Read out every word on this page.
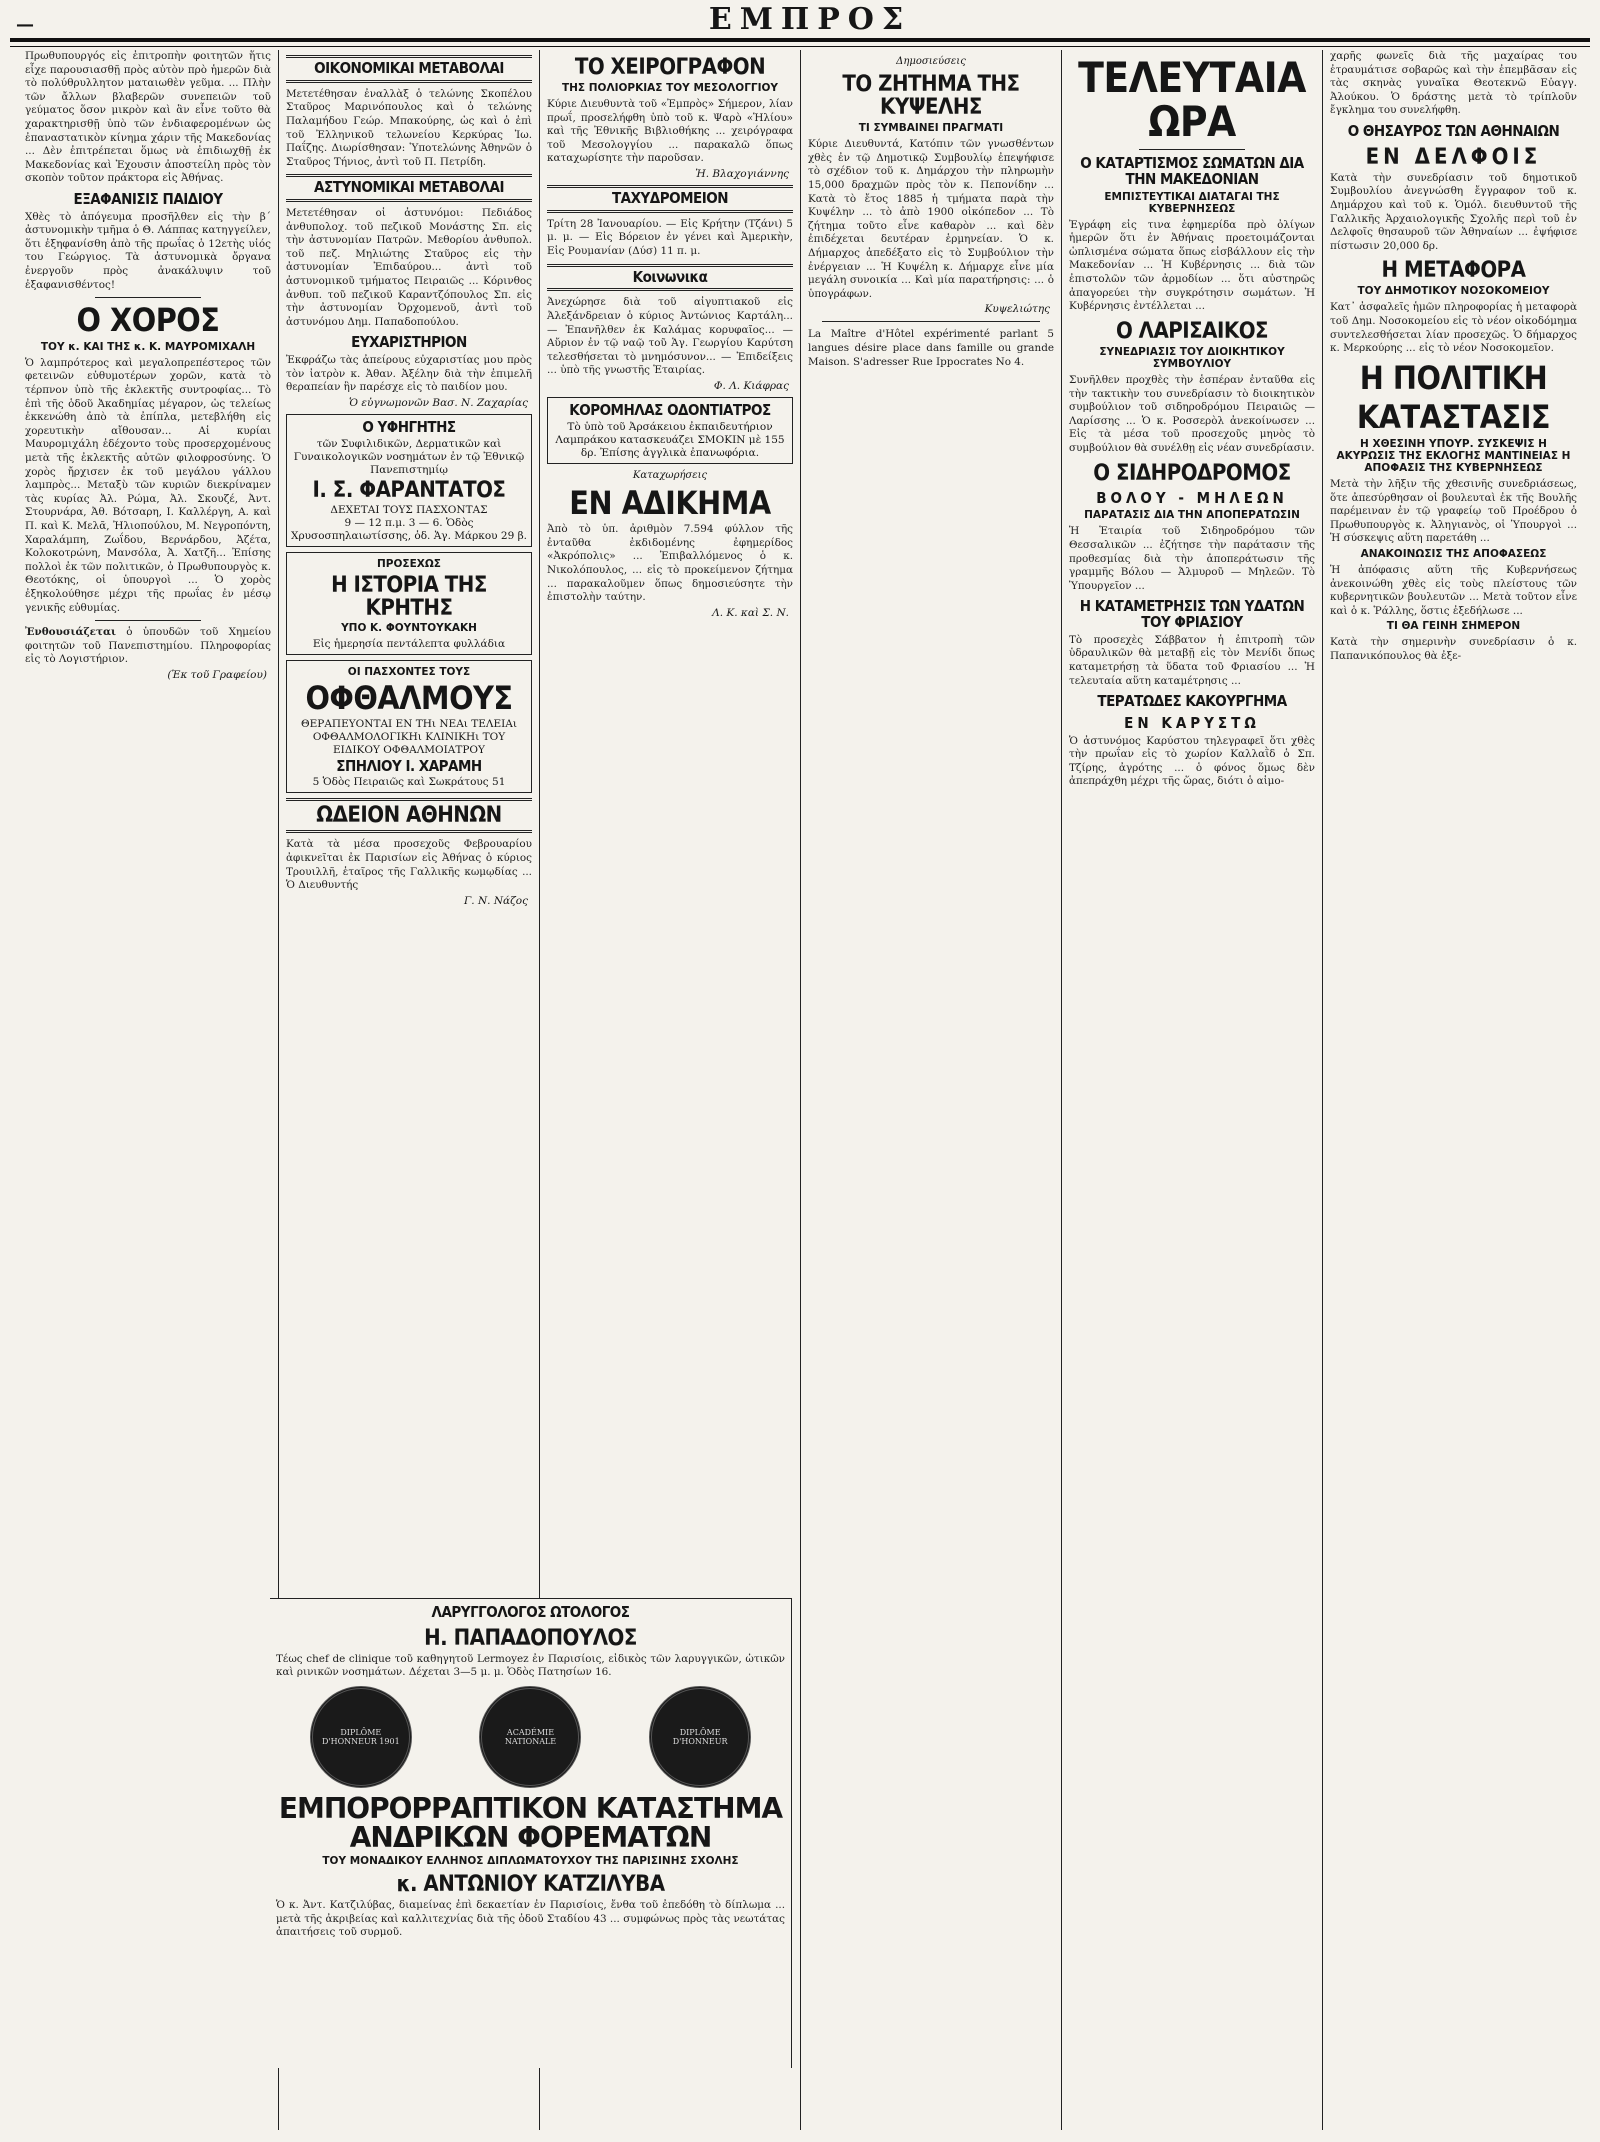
—	ΕΜΠΡΟΣ

Πρωθυπουργός εἰς ἐπιτροπὴν φοιτητῶν ἥτις εἶχε παρουσιασθῇ πρὸς αὐτὸν πρὸ ἡμερῶν διὰ τὸ πολύθρυλλητον ματαιωθὲν γεῦμα. ... Πλὴν τῶν ἄλλων βλαβερῶν συνεπειῶν τοῦ γεύματος ὅσον μικρὸν καὶ ἂν εἶνε τοῦτο θὰ χαρακτηρισθῇ ὑπὸ τῶν ἐνδιαφερομένων ὡς ἐπαναστατικὸν κίνημα χάριν τῆς Μακεδονίας ... Δὲν ἐπιτρέπεται ὅμως νὰ ἐπιδιωχθῇ ἐκ Μακεδονίας καὶ Ἐχουσιν ἀποστείλη πρὸς τὸν σκοπὸν τοῦτον πράκτορα εἰς Ἀθήνας.

ΕΞΑΦΑΝΙΣΙΣ ΠΑΙΔΙΟΥ

Χθὲς τὸ ἀπόγευμα προσῆλθεν εἰς τὴν β΄ ἀστυνομικὴν τμῆμα ὁ Θ. Λάππας κατηγγείλεν, ὅτι ἐξηφανίσθη ἀπὸ τῆς πρωΐας ὁ 12ετὴς υἱός του Γεώργιος. Τὰ ἀστυνομικὰ ὄργανα ἐνεργοῦν πρὸς ἀνακάλυψιν τοῦ ἐξαφανισθέντος!

Ο ΧΟΡΟΣ
ΤΟΥ κ. ΚΑΙ ΤΗΣ κ. Κ. ΜΑΥΡΟΜΙΧΑΛΗ

Ὁ λαμπρότερος καὶ μεγαλοπρεπέστερος τῶν φετεινῶν εὐθυμοτέρων χορῶν, κατὰ τὸ τέρπνον ὑπὸ τῆς ἐκλεκτῆς συντροφίας... Τὸ ἐπὶ τῆς ὁδοῦ Ἀκαδημίας μέγαρον, ὡς τελείως ἐκκενώθη ἀπὸ τὰ ἐπίπλα, μετεβλήθη εἰς χορευτικὴν αἴθουσαν... Αἱ κυρίαι Μαυρομιχάλη ἐδέχοντο τοὺς προσερχομένους μετὰ τῆς ἐκλεκτῆς αὐτῶν φιλοφροσύνης. Ὁ χορὸς ἤρχισεν ἐκ τοῦ μεγάλου γάλλου λαμπρὸς... Μεταξὺ τῶν κυριῶν διεκρίναμεν τὰς κυρίας Ἀλ. Ρώμα, Ἀλ. Σκουζέ, Ἀντ. Στουρνάρα, Ἀθ. Βότσαρη, Ι. Καλλέργη, Α. καὶ Π. καὶ Κ. Μελᾶ, Ἠλιοπούλου, Μ. Νεγροπόντη, Χαραλάμπη, Ζωΐδου, Βερνάρδου, Ἀζέτα, Κολοκοτρώνη, Μανσόλα, Ἀ. Χατζῆ... Ἐπίσης πολλοὶ ἐκ τῶν πολιτικῶν, ὁ Πρωθυπουργὸς κ. Θεοτόκης, οἱ ὑπουργοὶ ... Ὁ χορὸς ἐξηκολούθησε μέχρι τῆς πρωΐας ἐν μέσῳ γενικῆς εὐθυμίας.

Ἐνθουσιάζεται ὁ ὑπουδῶν τοῦ Χημείου φοιτητῶν τοῦ Πανεπιστημίου. Πληροφορίας εἰς τὸ Λογιστήριον.

(Ἐκ τοῦ Γραφείου)
ΟΙΚΟΝΟΜΙΚΑΙ ΜΕΤΑΒΟΛΑΙ

Μετετέθησαν ἐναλλὰξ ὁ τελώνης Σκοπέλου Σταῦρος Μαρινόπουλος καὶ ὁ τελώνης Παλαμήδου Γεώρ. Μπακούρης, ὡς καὶ ὁ ἐπὶ τοῦ Ἐλληνικοῦ τελωνείου Κερκύρας Ἰω. Παΐζης. Διωρίσθησαν: Ὑποτελώνης Ἀθηνῶν ὁ Σταῦρος Τήνιος, ἀντὶ τοῦ Π. Πετρίδη.

ΑΣΤΥΝΟΜΙΚΑΙ ΜΕΤΑΒΟΛΑΙ

Μετετέθησαν οἱ ἀστυνόμοι: Πεδιάδος ἀνθυπολοχ. τοῦ πεζικοῦ Μονάστης Σπ. εἰς τὴν ἀστυνομίαν Πατρῶν. Μεθορίου ἀνθυπολ. τοῦ πεζ. Μηλιώτης Σταῦρος εἰς τὴν ἀστυνομίαν Ἐπιδαύρου... ἀντὶ τοῦ ἀστυνομικοῦ τμήματος Πειραιῶς ... Κόρινθος ἀνθυπ. τοῦ πεζικοῦ Καραντζόπουλος Σπ. εἰς τὴν ἀστυνομίαν Ὀρχομενοῦ, ἀντὶ τοῦ ἀστυνόμου Δημ. Παπαδοπούλου.

ΕΥΧΑΡΙΣΤΗΡΙΟΝ

Ἐκφράζω τὰς ἀπείρους εὐχαριστίας μου πρὸς τὸν ἰατρὸν κ. Ἀθαν. Ἀξέλην διὰ τὴν ἐπιμελῆ θεραπείαν ἣν παρέσχε εἰς τὸ παιδίον μου.

Ὁ εὐγνωμονῶν Βασ. Ν. Ζαχαρίας
Ο ΥΦΗΓΗΤΗΣ
τῶν Συφιλιδικῶν, Δερματικῶν καὶ Γυναικολογικῶν νοσημάτων ἐν τῷ Ἐθνικῷ Πανεπιστημίῳ
Ι. Σ. ΦΑΡΑΝΤΑΤΟΣ
ΔΕΧΕΤΑΙ ΤΟΥΣ ΠΑΣΧΟΝΤΑΣ
9 — 12 π.μ. 3 — 6. Ὁδὸς Χρυσοσπηλαιωτίσσης, ὁδ. Ἁγ. Μάρκου 29 β.
ΠΡΟΣΕΧΩΣ
Η ΙΣΤΟΡΙΑ ΤΗΣ ΚΡΗΤΗΣ
ΥΠΟ Κ. ΦΟΥΝΤΟΥΚΑΚΗ
Εἰς ἡμερησία πεντάλεπτα φυλλάδια
ΟΙ ΠΑΣΧΟΝΤΕΣ ΤΟΥΣ
ΟΦΘΑΛΜΟΥΣ
ΘΕΡΑΠΕΥΟΝΤΑΙ ΕΝ ΤΗι ΝΕΑι ΤΕΛΕΙΑι ΟΦΘΑΛΜΟΛΟΓΙΚΗι ΚΛΙΝΙΚΗι ΤΟΥ ΕΙΔΙΚΟΥ ΟΦΘΑΛΜΟΙΑΤΡΟΥ
ΣΠΗΛΙΟΥ Ι. ΧΑΡΑΜΗ
5 Ὁδὸς Πειραιῶς καὶ Σωκράτους 51
ΩΔΕΙΟΝ ΑΘΗΝΩΝ

Κατὰ τὰ μέσα προσεχοῦς Φεβρουαρίου ἀφικνεῖται ἐκ Παρισίων εἰς Ἀθήνας ὁ κύριος Τρουιλλῆ, ἑταῖρος τῆς Γαλλικῆς κωμῳδίας ... Ὁ Διευθυντής

Γ. Ν. Νάζος
ΤΟ ΧΕΙΡΟΓΡΑΦΟΝ
ΤΗΣ ΠΟΛΙΟΡΚΙΑΣ ΤΟΥ ΜΕΣΟΛΟΓΓΙΟΥ

Κύριε Διευθυντὰ τοῦ «Ἐμπρὸς» Σήμερον, λίαν πρωΐ, προσελήφθη ὑπὸ τοῦ κ. Ψαρὸ «Ἡλίου» καὶ τῆς Ἐθνικῆς Βιβλιοθήκης ... χειρόγραφα τοῦ Μεσολογγίου ... παρακαλῶ ὅπως καταχωρίσητε τὴν παροῦσαν.

Ἠ. Βλαχογιάννης
ΤΑΧΥΔΡΟΜΕΙΟΝ

Τρίτη 28 Ἰανουαρίου. — Εἰς Κρήτην (Τζάνι) 5 μ. μ. — Εἰς Βόρειον ἐν γένει καὶ Ἀμερικὴν, Εἰς Ρουμανίαν (Δύσ) 11 π. μ.

Κοινωνικα

Ἀνεχώρησε διὰ τοῦ αἰγυπτιακοῦ εἰς Ἀλεξάνδρειαν ὁ κύριος Ἀντώνιος Καρτάλη... — Ἐπανῆλθεν ἐκ Καλάμας κορυφαῖος... — Αὔριον ἐν τῷ ναῷ τοῦ Ἁγ. Γεωργίου Καρύτση τελεσθήσεται τὸ μνημόσυνον... — Ἐπιδείξεις ... ὑπὸ τῆς γνωστῆς Ἑταιρίας.

Φ. Λ. Κιάφρας
ΚΟΡΟΜΗΛΑΣ ΟΔΟΝΤΙΑΤΡΟΣ
Τὸ ὑπὸ τοῦ Ἀρσάκειου ἐκπαιδευτήριον Λαμπράκου κατασκευάζει ΣΜΟΚΙΝ μὲ 155 δρ. Ἐπίσης ἀγγλικὰ ἐπανωφόρια.
Καταχωρήσεις
ΕΝ ΑΔΙΚΗΜΑ

Ἀπὸ τὸ ὑπ. ἀριθμὸν 7.594 φύλλον τῆς ἐνταῦθα ἐκδιδομένης ἐφημερίδος «Ἀκρόπολις» ... Ἐπιβαλλόμενος ὁ κ. Νικολόπουλος, ... εἰς τὸ προκείμενον ζήτημα ... παρακαλοῦμεν ὅπως δημοσιεύσητε τὴν ἐπιστολὴν ταύτην.

Λ. Κ. καὶ Σ. Ν.
Δημοσιεύσεις
ΤΟ ΖΗΤΗΜΑ ΤΗΣ ΚΥΨΕΛΗΣ
ΤΙ ΣΥΜΒΑΙΝΕΙ ΠΡΑΓΜΑΤΙ

Κύριε Διευθυντά, Κατόπιν τῶν γνωσθέντων χθὲς ἐν τῷ Δημοτικῷ Συμβουλίῳ ἐπεψήφισε τὸ σχέδιον τοῦ κ. Δημάρχου τὴν πληρωμὴν 15,000 δραχμῶν πρὸς τὸν κ. Πεπονίδην ... Κατὰ τὸ ἔτος 1885 ἡ τμήματα παρὰ τὴν Κυψέλην ... τὸ ἀπὸ 1900 οἰκόπεδον ... Τὸ ζήτημα τοῦτο εἶνε καθαρὸν ... καὶ δὲν ἐπιδέχεται δευτέραν ἑρμηνείαν. Ὁ κ. Δήμαρχος ἀπεδέξατο εἰς τὸ Συμβούλιον τὴν ἐνέργειαν ... Ἡ Κυψέλη κ. Δήμαρχε εἶνε μία μεγάλη συνοικία ... Καὶ μία παρατήρησις: ... ὁ ὑπογράφων.

Κυψελιώτης

La Maître d'Hôtel expérimenté parlant 5 langues désire place dans famille ou grande Maison. S'adresser Rue Ippocrates No 4.

ΤΕΛΕΥΤΑΙΑ ΩΡΑ
Ο ΚΑΤΑΡΤΙΣΜΟΣ ΣΩΜΑΤΩΝ ΔΙΑ ΤΗΝ ΜΑΚΕΔΟΝΙΑΝ
ΕΜΠΙΣΤΕΥΤΙΚΑΙ ΔΙΑΤΑΓΑΙ ΤΗΣ ΚΥΒΕΡΝΗΣΕΩΣ

Ἐγράφη εἰς τινα ἐφημερίδα πρὸ ὀλίγων ἡμερῶν ὅτι ἐν Ἀθήναις προετοιμάζονται ὡπλισμένα σώματα ὅπως εἰσβάλλουν εἰς τὴν Μακεδονίαν ... Ἡ Κυβέρνησις ... διὰ τῶν ἐπιστολῶν τῶν ἀρμοδίων ... ὅτι αὐστηρῶς ἀπαγορεύει τὴν συγκρότησιν σωμάτων. Ἡ Κυβέρνησις ἐντέλλεται ...

Ο ΛΑΡΙΣΑΙΚΟΣ
ΣΥΝΕΔΡΙΑΣΙΣ ΤΟΥ ΔΙΟΙΚΗΤΙΚΟΥ ΣΥΜΒΟΥΛΙΟΥ

Συνῆλθεν προχθὲς τὴν ἑσπέραν ἐνταῦθα εἰς τὴν τακτικὴν του συνεδρίασιν τὸ διοικητικὸν συμβούλιον τοῦ σιδηροδρόμου Πειραιῶς — Λαρίσσης ... Ὁ κ. Ροσσερὸλ ἀνεκοίνωσεν ... Εἰς τὰ μέσα τοῦ προσεχοῦς μηνὸς τὸ συμβούλιον θὰ συνέλθῃ εἰς νέαν συνεδρίασιν.

Ο ΣΙΔΗΡΟΔΡΟΜΟΣ
ΒΟΛΟΥ - ΜΗΛΕΩΝ
ΠΑΡΑΤΑΣΙΣ ΔΙΑ ΤΗΝ ΑΠΟΠΕΡΑΤΩΣΙΝ

Ἡ Ἑταιρία τοῦ Σιδηροδρόμου τῶν Θεσσαλικῶν ... ἐζήτησε τὴν παράτασιν τῆς προθεσμίας διὰ τὴν ἀποπεράτωσιν τῆς γραμμῆς Βόλου — Ἀλμυροῦ — Μηλεῶν. Τὸ Ὑπουργεῖον ...

Η ΚΑΤΑΜΕΤΡΗΣΙΣ ΤΩΝ ΥΔΑΤΩΝ ΤΟΥ ΦΡΙΑΣΙΟΥ

Τὸ προσεχὲς Σάββατον ἡ ἐπιτροπὴ τῶν ὑδραυλικῶν θὰ μεταβῇ εἰς τὸν Μενίδι ὅπως καταμετρήσῃ τὰ ὕδατα τοῦ Φριασίου ... Ἡ τελευταία αὕτη καταμέτρησις ...

ΤΕΡΑΤΩΔΕΣ ΚΑΚΟΥΡΓΗΜΑ
ΕΝ ΚΑΡΥΣΤΩ

Ὁ ἀστυνόμος Καρύστου τηλεγραφεῖ ὅτι χθὲς τὴν πρωΐαν εἰς τὸ χωρίον Καλλαῒδ ὁ Σπ. Τζίρης, ἀγρότης ... ὁ φόνος ὅμως δὲν ἀπεπράχθη μέχρι τῆς ὥρας, διότι ὁ αἱμο-

χαρῆς φωνεῖς διὰ τῆς μαχαίρας του ἐτραυμάτισε σοβαρῶς καὶ τὴν ἐπεμβᾶσαν εἰς τὰς σκηνὰς γυναῖκα Θεοτεκνῶ Εὐαγγ. Ἀλούκου. Ὁ δράστης μετὰ τὸ τρίπλοῦν ἔγκλημα του συνελήφθη.

Ο ΘΗΣΑΥΡΟΣ ΤΩΝ ΑΘΗΝΑΙΩΝ
ΕΝ ΔΕΛΦΟΙΣ

Κατὰ τὴν συνεδρίασιν τοῦ δημοτικοῦ Συμβουλίου ἀνεγνώσθη ἔγγραφον τοῦ κ. Δημάρχου καὶ τοῦ κ. Ὁμόλ. διευθυντοῦ τῆς Γαλλικῆς Ἀρχαιολογικῆς Σχολῆς περὶ τοῦ ἐν Δελφοῖς θησαυροῦ τῶν Ἀθηναίων ... ἐψήφισε πίστωσιν 20,000 δρ.

Η ΜΕΤΑΦΟΡΑ
ΤΟΥ ΔΗΜΟΤΙΚΟΥ ΝΟΣΟΚΟΜΕΙΟΥ

Κατ᾽ ἀσφαλεῖς ἡμῶν πληροφορίας ἡ μεταφορὰ τοῦ Δημ. Νοσοκομείου εἰς τὸ νέον οἰκοδόμημα συντελεσθήσεται λίαν προσεχῶς. Ὁ δήμαρχος κ. Μερκούρης ... εἰς τὸ νέον Νοσοκομεῖον.

Η ΠΟΛΙΤΙΚΗ
ΚΑΤΑΣΤΑΣΙΣ
Η ΧΘΕΣΙΝΗ ΥΠΟΥΡ. ΣΥΣΚΕΨΙΣ Η ΑΚΥΡΩΣΙΣ ΤΗΣ ΕΚΛΟΓΗΣ ΜΑΝΤΙΝΕΙΑΣ Η ΑΠΟΦΑΣΙΣ ΤΗΣ ΚΥΒΕΡΝΗΣΕΩΣ

Μετὰ τὴν λῆξιν τῆς χθεσινῆς συνεδριάσεως, ὅτε ἀπεσύρθησαν οἱ βουλευταὶ ἐκ τῆς Βουλῆς παρέμειναν ἐν τῷ γραφείῳ τοῦ Προέδρου ὁ Πρωθυπουργὸς κ. Ἀληγιανὸς, οἱ Ὑπουργοὶ ... Ἡ σύσκεψις αὕτη παρετάθη ...

ΑΝΑΚΟΙΝΩΣΙΣ ΤΗΣ ΑΠΟΦΑΣΕΩΣ

Ἡ ἀπόφασις αὕτη τῆς Κυβερνήσεως ἀνεκοινώθη χθὲς εἰς τοὺς πλείστους τῶν κυβερνητικῶν βουλευτῶν ... Μετὰ τοῦτον εἶνε καὶ ὁ κ. Ῥάλλης, ὅστις ἐξεδήλωσε ...

ΤΙ ΘΑ ΓΕΙΝΗ ΣΗΜΕΡΟΝ

Κατὰ τὴν σημερινὴν συνεδρίασιν ὁ κ. Παπανικόπουλος θὰ ἐξε-

ΛΑΡΥΓΓΟΛΟΓΟΣ ΩΤΟΛΟΓΟΣ
Η. ΠΑΠΑΔΟΠΟΥΛΟΣ

Τέως chef de clinique τοῦ καθηγητοῦ Lermoyez ἐν Παρισίοις, εἰδικὸς τῶν λαρυγγικῶν, ὠτικῶν καὶ ρινικῶν νοσημάτων. Δέχεται 3—5 μ. μ. Ὁδὸς Πατησίων 16.

DIPLÔME D'HONNEUR 1901
ACADÉMIE NATIONALE
DIPLÔME D'HONNEUR
ΕΜΠΟΡΟΡΡΑΠΤΙΚΟΝ ΚΑΤΑΣΤΗΜΑ
ΑΝΔΡΙΚΩΝ ΦΟΡΕΜΑΤΩΝ
ΤΟΥ ΜΟΝΑΔΙΚΟΥ ΕΛΛΗΝΟΣ ΔΙΠΛΩΜΑΤΟΥΧΟΥ ΤΗΣ ΠΑΡΙΣΙΝΗΣ ΣΧΟΛΗΣ
κ. ΑΝΤΩΝΙΟΥ ΚΑΤΖΙΛΥΒΑ

Ὁ κ. Ἀντ. Κατζιλύβας, διαμείνας ἐπὶ δεκαετίαν ἐν Παρισίοις, ἔνθα τοῦ ἐπεδόθη τὸ δίπλωμα ... μετὰ τῆς ἀκριβείας καὶ καλλιτεχνίας διὰ τῆς ὁδοῦ Σταδίου 43 ... συμφώνως πρὸς τὰς νεωτάτας ἀπαιτήσεις τοῦ συρμοῦ.
